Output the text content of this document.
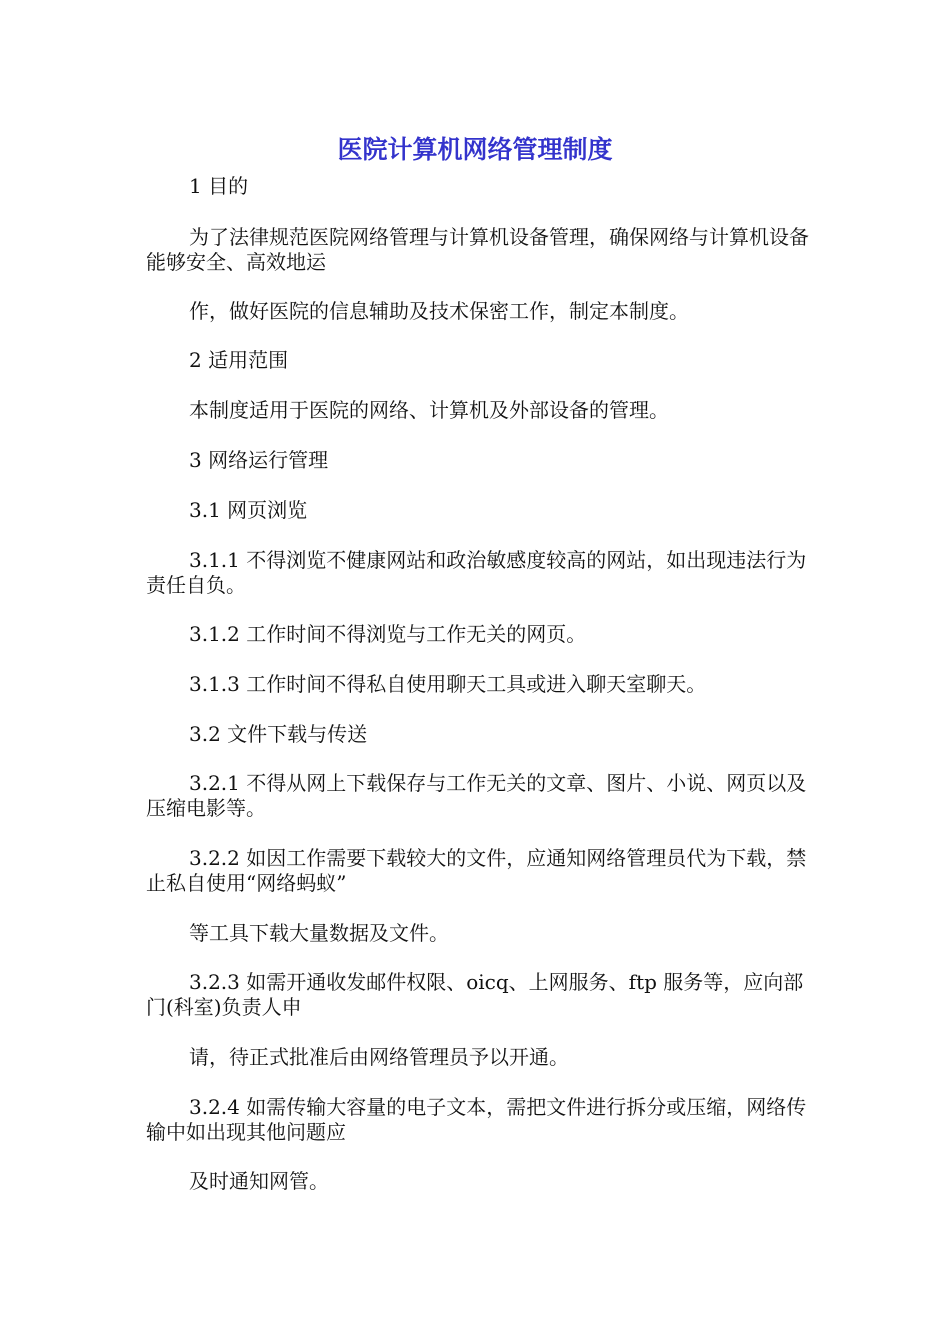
医院计算机网络管理制度

1 目的

为了法律规范医院网络管理与计算机设备管理，确保网络与计算机设备能够安全、高效地运

作，做好医院的信息辅助及技术保密工作，制定本制度。

2 适用范围

本制度适用于医院的网络、计算机及外部设备的管理。

3 网络运行管理

3.1 网页浏览

3.1.1 不得浏览不健康网站和政治敏感度较高的网站，如出现违法行为责任自负。

3.1.2 工作时间不得浏览与工作无关的网页。

3.1.3 工作时间不得私自使用聊天工具或进入聊天室聊天。

3.2 文件下载与传送

3.2.1 不得从网上下载保存与工作无关的文章、图片、小说、网页以及压缩电影等。

3.2.2 如因工作需要下载较大的文件，应通知网络管理员代为下载，禁止私自使用“网络蚂蚁”

等工具下载大量数据及文件。

3.2.3 如需开通收发邮件权限、oicq、上网服务、ftp 服务等，应向部门(科室)负责人申

请，待正式批准后由网络管理员予以开通。

3.2.4 如需传输大容量的电子文本，需把文件进行拆分或压缩，网络传输中如出现其他问题应

及时通知网管。
